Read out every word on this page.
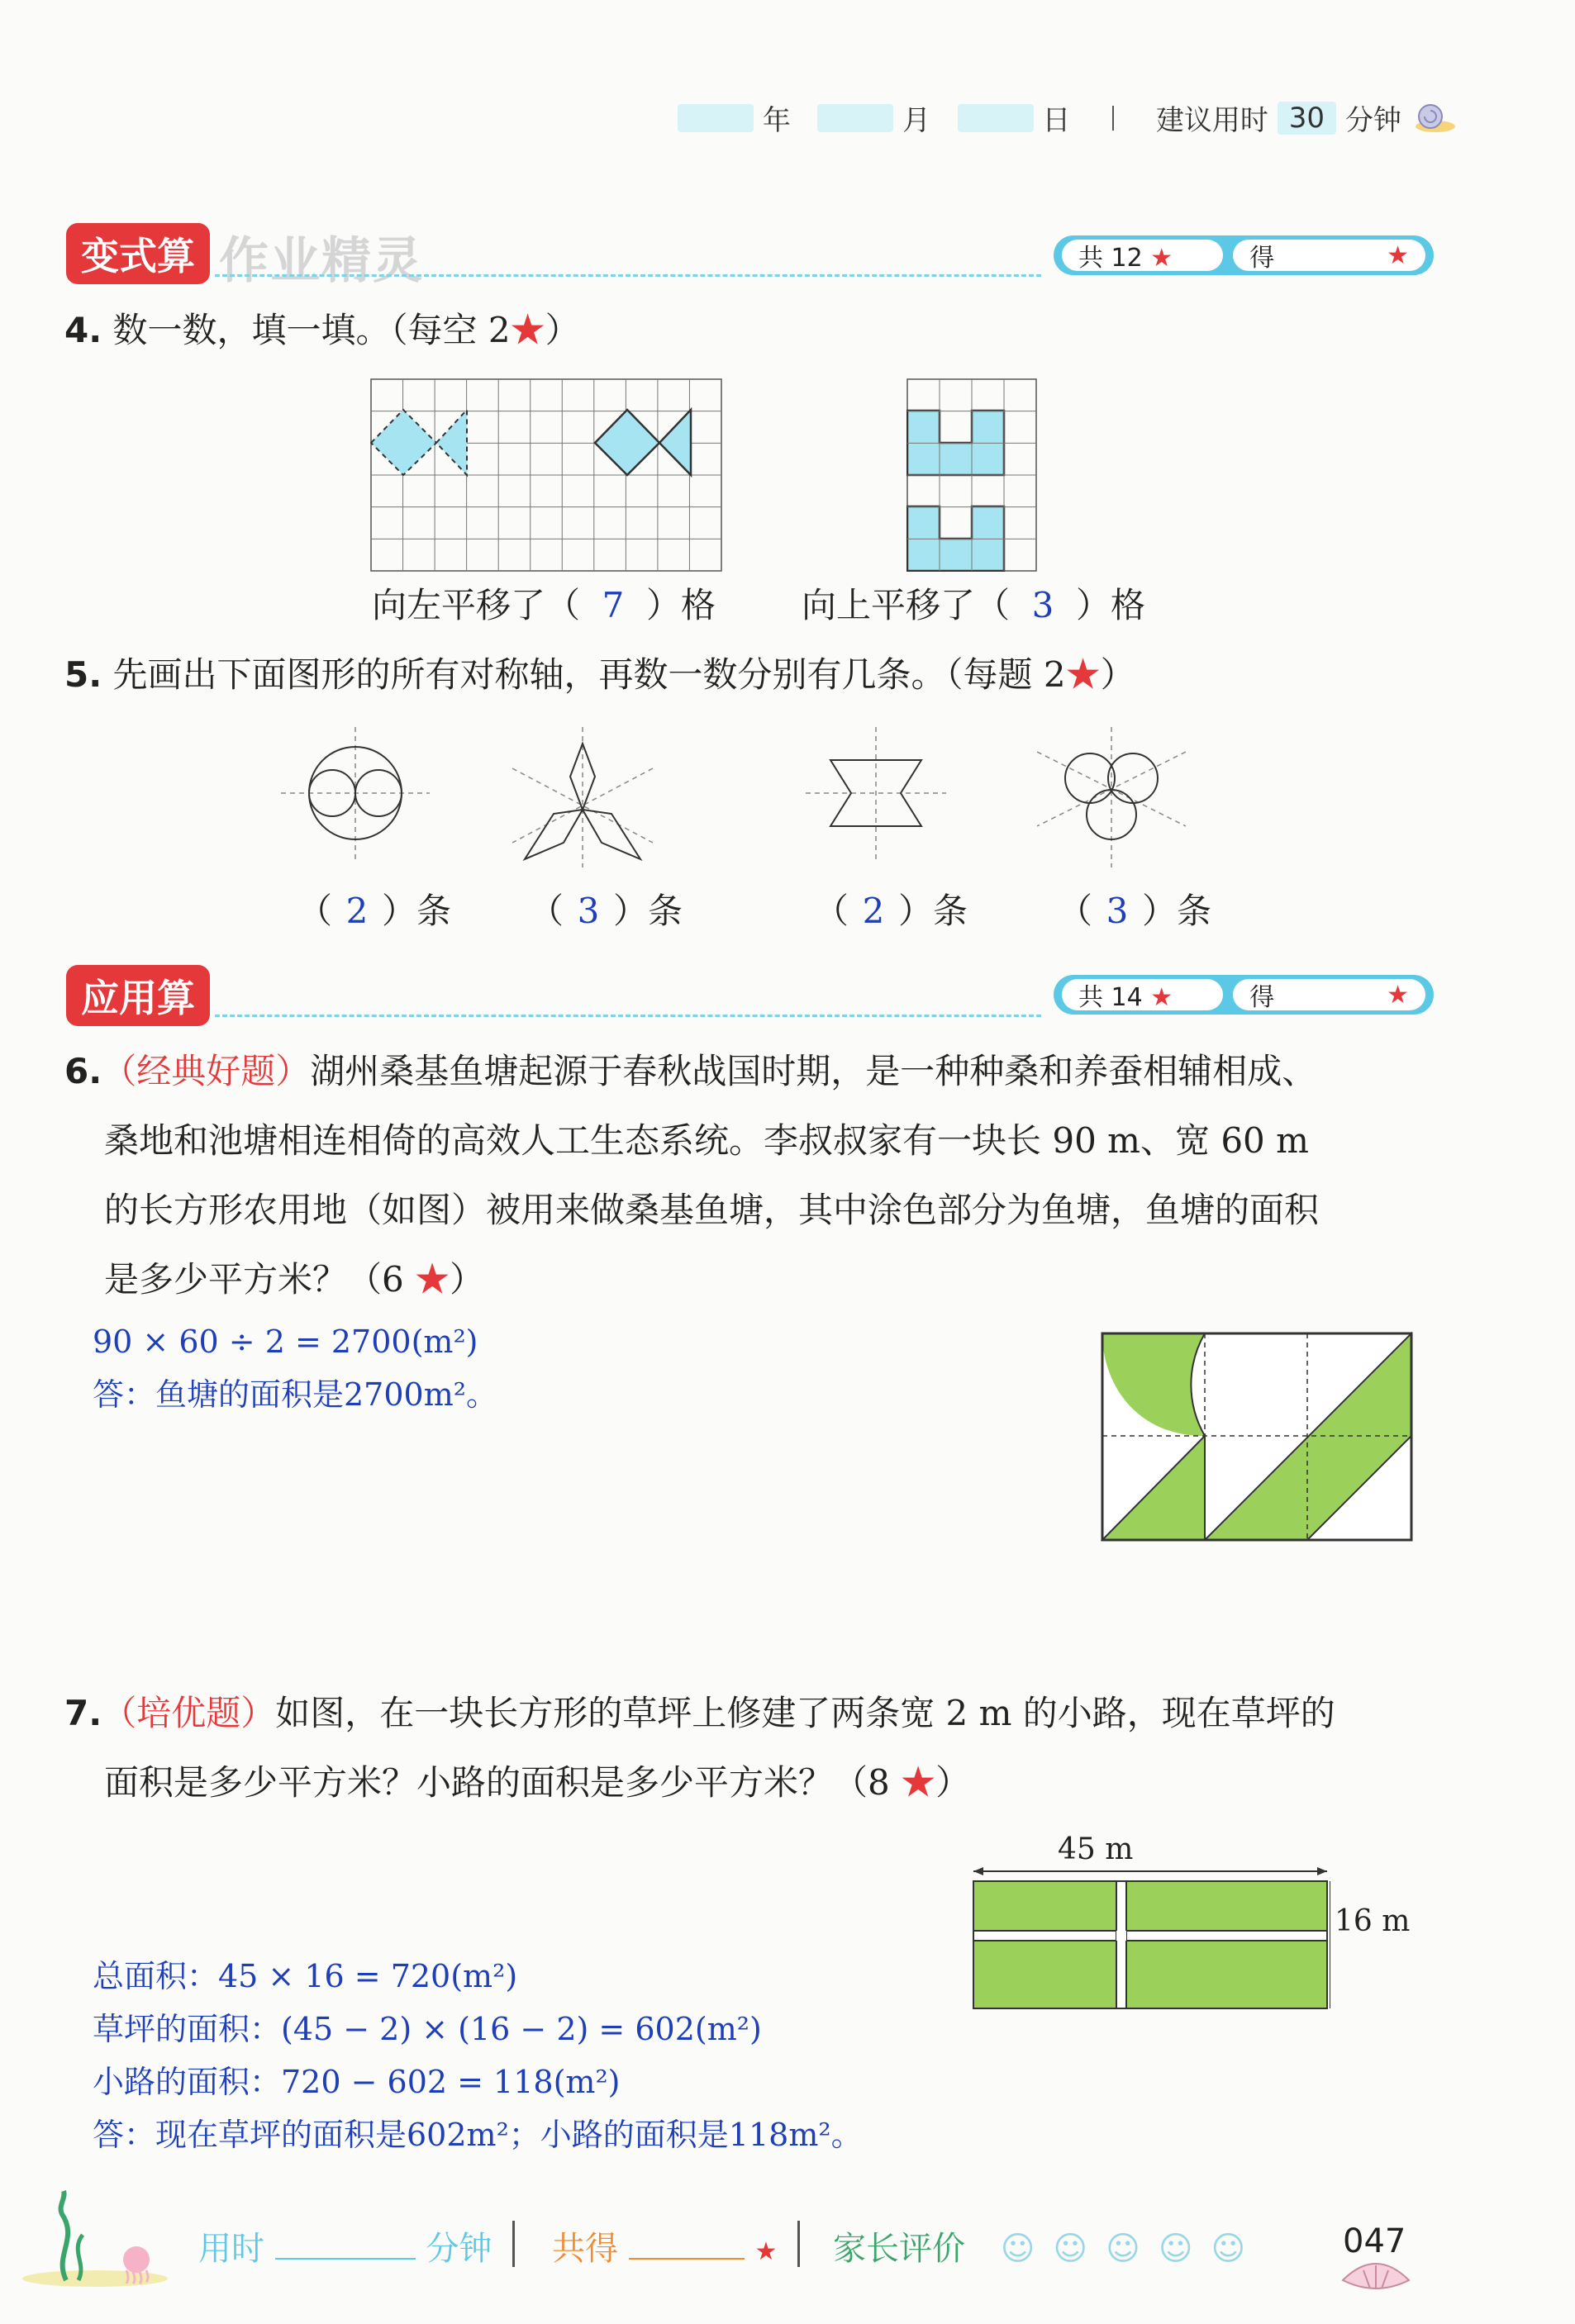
年	月	日	建议用时 30 分钟
变式算 作业精灵	共 12 ★	得	★
4. 数一数，填一填。（每空 2★）
向左平移了（ 7 ）格 向上平移了（ 3 ）格
5. 先画出下面图形的所有对称轴，再数一数分别有几条。（每题 2★）
（ 2 ）条 （ 3 ）条	（ 2 ）条	（ 3 ）条
应用算	共 14 ★	得	★
6.（经典好题）湖州桑基鱼塘起源于春秋战国时期，是一种种桑和养蚕相辅相成、
桑地和池塘相连相倚的高效人工生态系统。李叔叔家有一块长 90 m、宽 60 m
的长方形农用地（如图）被用来做桑基鱼塘，其中涂色部分为鱼塘，鱼塘的面积
是多少平方米？（6 ★）
90 × 60 ÷ 2 = 2700(m²)
答：鱼塘的面积是2700m²。
7.（培优题）如图，在一块长方形的草坪上修建了两条宽 2 m 的小路，现在草坪的
面积是多少平方米？小路的面积是多少平方米？（8 ★）
45 m
16 m
总面积：45 × 16 = 720(m²)
草坪的面积：(45 − 2) × (16 − 2) = 602(m²)
小路的面积：720 − 602 = 118(m²)
答：现在草坪的面积是602m²；小路的面积是118m²。
用时	分钟 共得	★ 家长评价 ☺☺☺☺☺ 047
